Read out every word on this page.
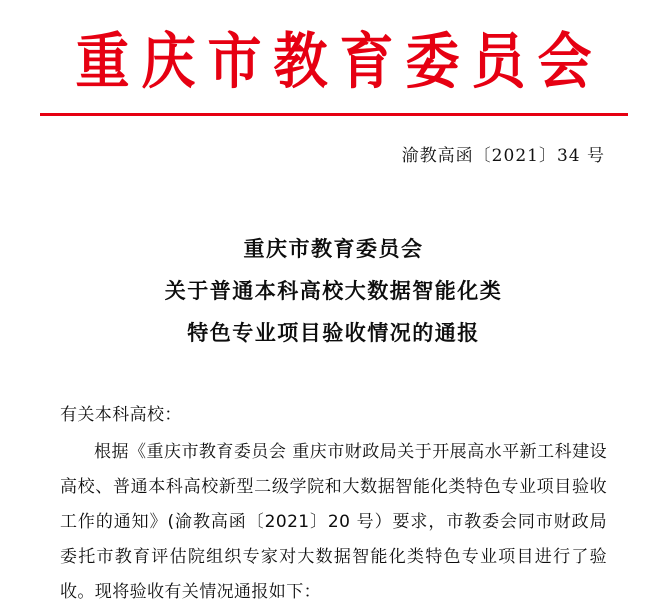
重庆市教育委员会
渝教高函〔2021〕34 号
重庆市教育委员会
关于普通本科高校大数据智能化类
特色专业项目验收情况的通报
有关本科高校：
根据《重庆市教育委员会 重庆市财政局关于开展高水平新工科建设高校、普通本科高校新型二级学院和大数据智能化类特色专业项目验收工作的通知》(渝教高函〔2021〕20 号）要求，市教委会同市财政局委托市教育评估院组织专家对大数据智能化类特色专业项目进行了验收。现将验收有关情况通报如下：
